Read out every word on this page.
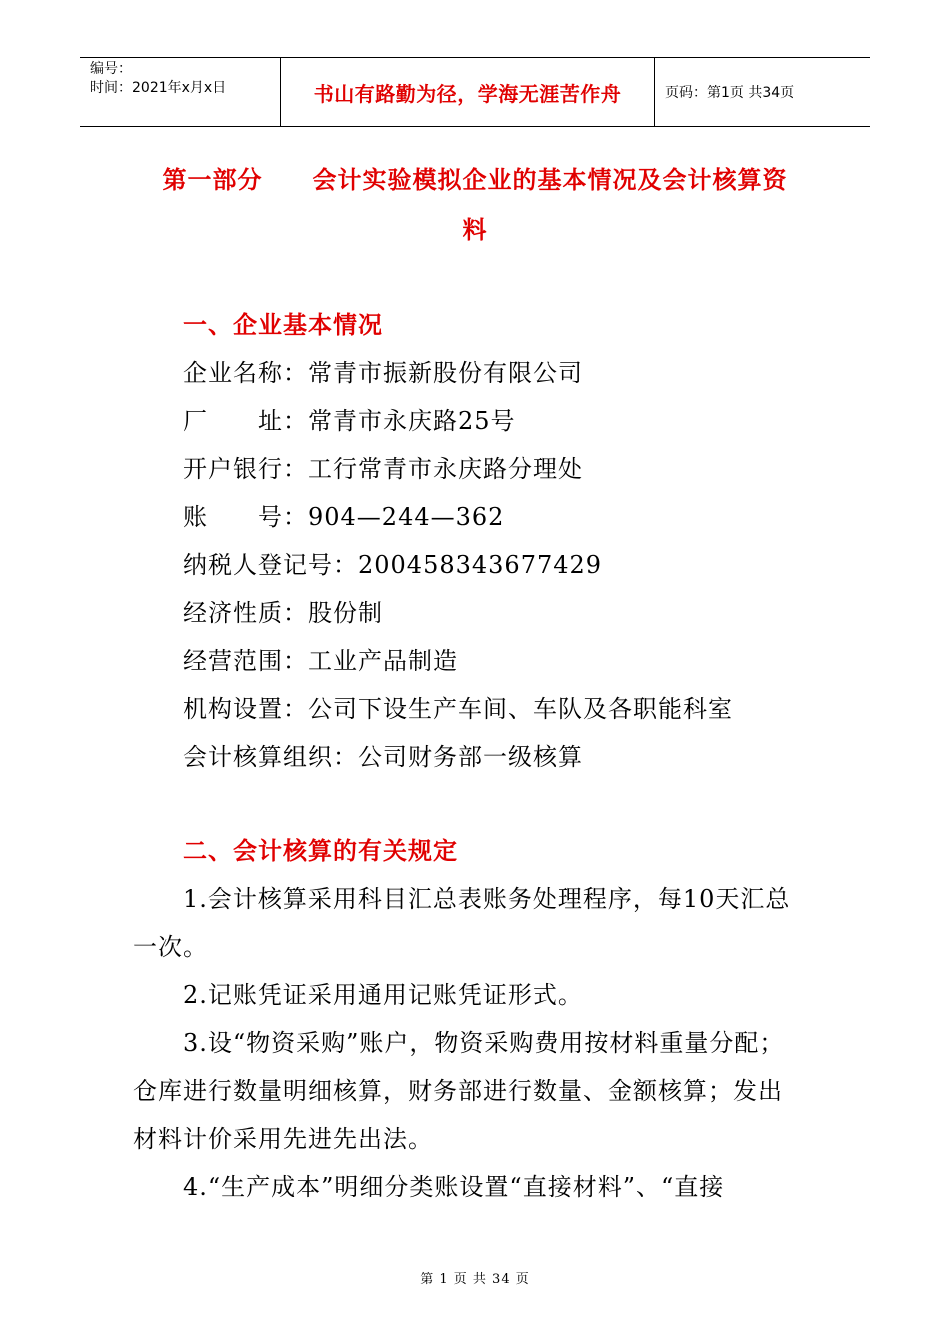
编号：
时间：2021年x月x日	书山有路勤为径，学海无涯苦作舟	页码：第1页 共34页
第一部分　　会计实验模拟企业的基本情况及会计核算资
料
一、企业基本情况
企业名称：常青市振新股份有限公司
厂　　址：常青市永庆路25号
开户银行：工行常青市永庆路分理处
账　　号：904—244—362
纳税人登记号：200458343677429
经济性质：股份制
经营范围：工业产品制造
机构设置：公司下设生产车间、车队及各职能科室
会计核算组织：公司财务部一级核算
二、会计核算的有关规定
1.会计核算采用科目汇总表账务处理程序，每10天汇总
一次。
2.记账凭证采用通用记账凭证形式。
3.设“物资采购”账户，物资采购费用按材料重量分配；
仓库进行数量明细核算，财务部进行数量、金额核算；发出
材料计价采用先进先出法。
4.“生产成本”明细分类账设置“直接材料”、“直接
第 1 页 共 34 页
